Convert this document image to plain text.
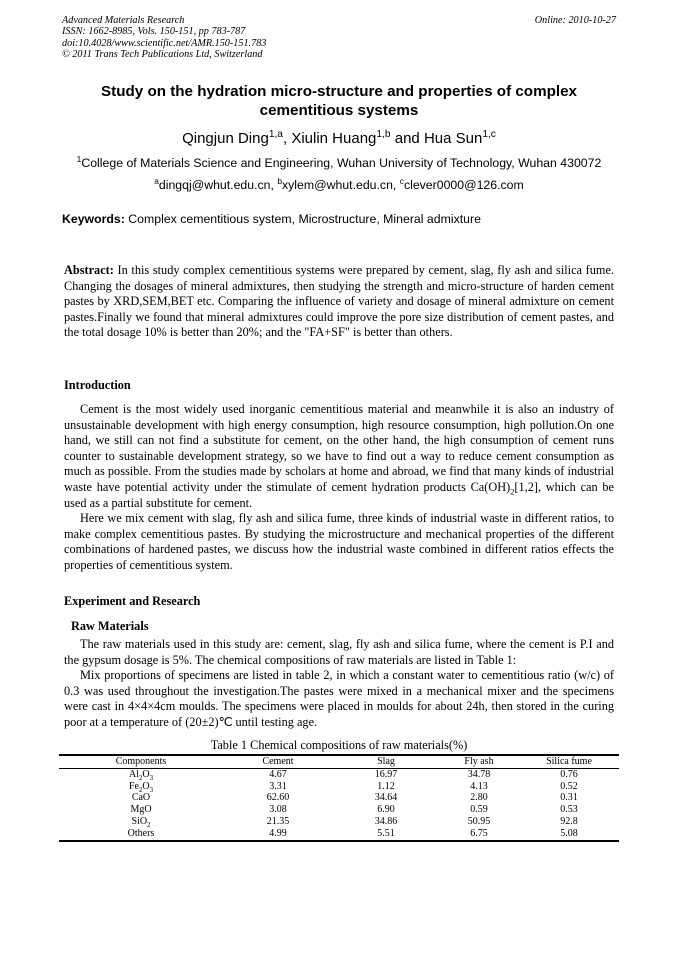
Advanced Materials Research
ISSN: 1662-8985, Vols. 150-151, pp 783-787
doi:10.4028/www.scientific.net/AMR.150-151.783
© 2011 Trans Tech Publications Ltd, Switzerland
Online: 2010-10-27
Study on the hydration micro-structure and properties of complex cementitious systems
Qingjun Ding$^{1,a}$, Xiulin Huang$^{1,b}$ and Hua Sun$^{1,c}$
$^1$College of Materials Science and Engineering, Wuhan University of Technology, Wuhan 430072
$^a$dingqj@whut.edu.cn, $^b$xylem@whut.edu.cn, $^c$clever0000@126.com
Keywords: Complex cementitious system, Microstructure, Mineral admixture
Abstract: In this study complex cementitious systems were prepared by cement, slag, fly ash and silica fume. Changing the dosages of mineral admixtures, then studying the strength and micro-structure of harden cement pastes by XRD,SEM,BET etc. Comparing the influence of variety and dosage of mineral admixture on cement pastes.Finally we found that mineral admixtures could improve the pore size distribution of cement pastes, and the total dosage 10% is better than 20%; and the "FA+SF" is better than others.
Introduction

Cement is the most widely used inorganic cementitious material and meanwhile it is also an industry of unsustainable development with high energy consumption, high resource consumption, high pollution.On one hand, we still can not find a substitute for cement, on the other hand, the high consumption of cement runs counter to sustainable development strategy, so we have to find out a way to reduce cement consumption as much as possible. From the studies made by scholars at home and abroad, we find that many kinds of industrial waste have potential activity under the stimulate of cement hydration products $Ca(OH)_2[1,2]$, which can be used as a partial substitute for cement.

Here we mix cement with slag, fly ash and silica fume, three kinds of industrial waste in different ratios, to make complex cementitious pastes. By studying the microstructure and mechanical properties of the different combinations of hardened pastes, we discuss how the industrial waste combined in different ratios effects the properties of cementitious system.

Experiment and Research
Raw Materials

The raw materials used in this study are: cement, slag, fly ash and silica fume, where the cement is P.I and the gypsum dosage is 5%. The chemical compositions of raw materials are listed in Table 1:

Mix proportions of specimens are listed in table 2, in which a constant water to cementitious ratio (w/c) of 0.3 was used throughout the investigation.The pastes were mixed in a mechanical mixer and the specimens were cast in 4×4×4cm moulds. The specimens were placed in moulds for about 24h, then stored in the curing poor at a temperature of (20±2)℃ until testing age.

Table 1 Chemical compositions of raw materials(%)
Components	Cement	Slag	Fly ash	Silica fume
$Al_2O_3$	4.67	16.97	34.78	0.76
$Fe_2O_3$	3.31	1.12	4.13	0.52
CaO	62.60	34.64	2.80	0.31
MgO	3.08	6.90	0.59	0.53
SiO$_2$	21.35	34.86	50.95	92.8
Others	4.99	5.51	6.75	5.08
